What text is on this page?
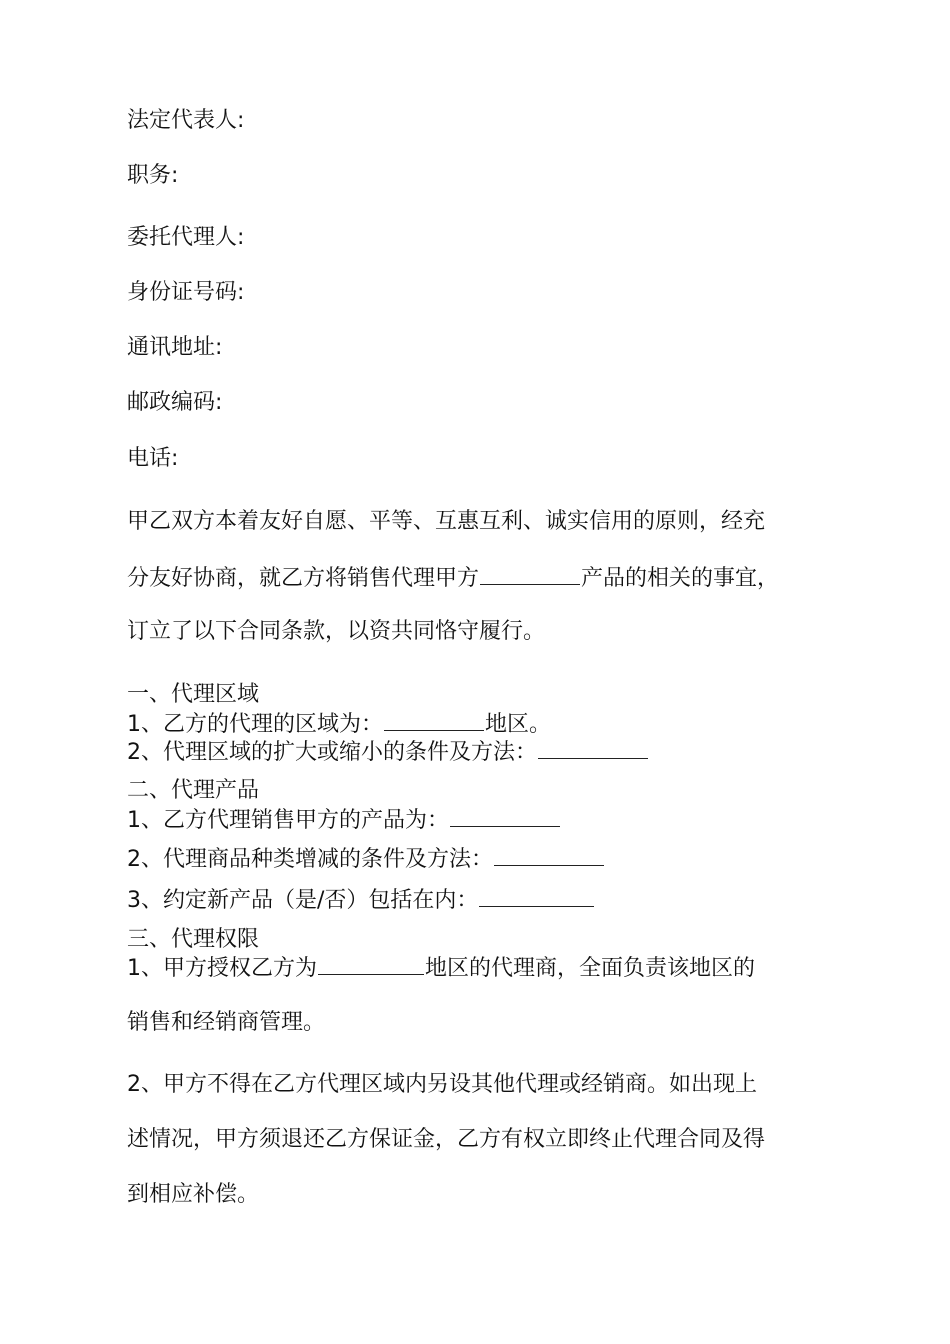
法定代表人:
职务:
委托代理人:
身份证号码:
通讯地址:
邮政编码:
电话:
甲乙双方本着友好自愿、平等、互惠互利、诚实信用的原则，经充
分友好协商，就乙方将销售代理甲方	产品的相关的事宜，
订立了以下合同条款，以资共同恪守履行。
一、代理区域
1、乙方的代理的区域为：	地区。
2、代理区域的扩大或缩小的条件及方法：
二、代理产品
1、乙方代理销售甲方的产品为：
2、代理商品种类增减的条件及方法：
3、约定新产品（是/否）包括在内：
三、代理权限
1、甲方授权乙方为	地区的代理商，全面负责该地区的
销售和经销商管理。
2、甲方不得在乙方代理区域内另设其他代理或经销商。如出现上
述情况，甲方须退还乙方保证金，乙方有权立即终止代理合同及得
到相应补偿。
